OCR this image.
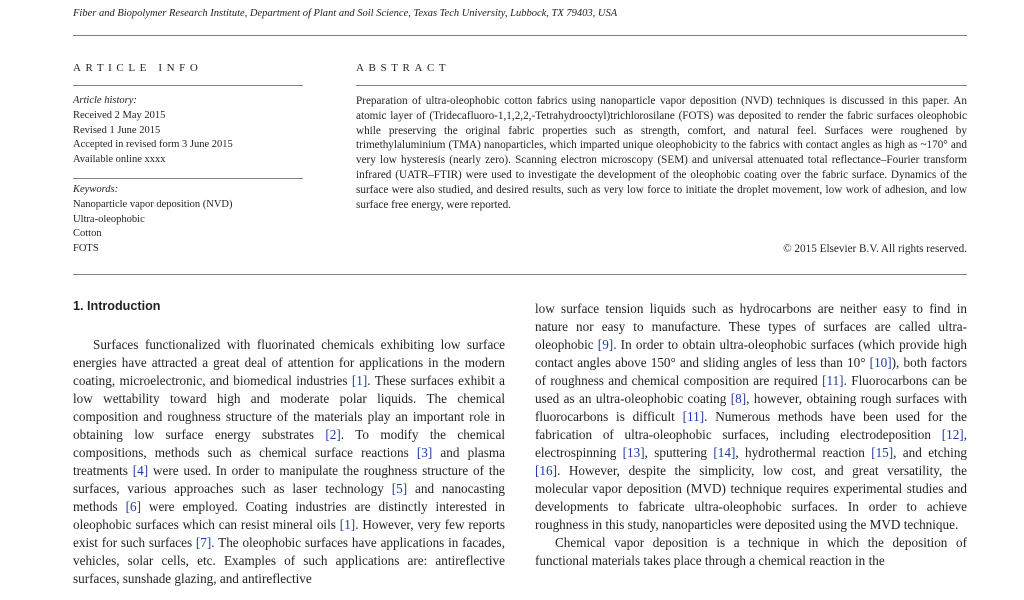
Fiber and Biopolymer Research Institute, Department of Plant and Soil Science, Texas Tech University, Lubbock, TX 79403, USA
ARTICLE INFO	ABSTRACT

Article history:

Received 2 May 2015

Revised 1 June 2015

Accepted in revised form 3 June 2015

Available online xxxx

Keywords:

Nanoparticle vapor deposition (NVD)

Ultra-oleophobic

Cotton

FOTS

Preparation of ultra-oleophobic cotton fabrics using nanoparticle vapor deposition (NVD) techniques is discussed in this paper. An atomic layer of (Tridecafluoro-1,1,2,2,-Tetrahydrooctyl)trichlorosilane (FOTS) was deposited to render the fabric surfaces oleophobic while preserving the original fabric properties such as strength, comfort, and natural feel. Surfaces were roughened by trimethylaluminium (TMA) nanoparticles, which imparted unique oleophobicity to the fabrics with contact angles as high as ~170° and very low hysteresis (nearly zero). Scanning electron microscopy (SEM) and universal attenuated total reflectance–Fourier transform infrared (UATR–FTIR) were used to investigate the development of the oleophobic coating over the fabric surface. Dynamics of the surface were also studied, and desired results, such as very low force to initiate the droplet movement, low work of adhesion, and low surface free energy, were reported.

© 2015 Elsevier B.V. All rights reserved.
1. Introduction

Surfaces functionalized with fluorinated chemicals exhibiting low surface energies have attracted a great deal of attention for applications in the modern coating, microelectronic, and biomedical industries [1]. These surfaces exhibit a low wettability toward high and moderate polar liquids. The chemical composition and roughness structure of the materials play an important role in obtaining low surface energy substrates [2]. To modify the chemical compositions, methods such as chemical surface reactions [3] and plasma treatments [4] were used. In order to manipulate the roughness structure of the surfaces, various approaches such as laser technology [5] and nanocasting methods [6] were employed. Coating industries are distinctly interested in oleophobic surfaces which can resist mineral oils [1]. However, very few reports exist for such surfaces [7]. The oleophobic surfaces have applications in facades, vehicles, solar cells, etc. Examples of such applications are: antireflective surfaces, sunshade glazing, and antireflective

low surface tension liquids such as hydrocarbons are neither easy to find in nature nor easy to manufacture. These types of surfaces are called ultra-oleophobic [9]. In order to obtain ultra-oleophobic surfaces (which provide high contact angles above 150° and sliding angles of less than 10° [10]), both factors of roughness and chemical composition are required [11]. Fluorocarbons can be used as an ultra-oleophobic coating [8], however, obtaining rough surfaces with fluorocarbons is difficult [11]. Numerous methods have been used for the fabrication of ultra-oleophobic surfaces, including electrodeposition [12], electrospinning [13], sputtering [14], hydrothermal reaction [15], and etching [16]. However, despite the simplicity, low cost, and great versatility, the molecular vapor deposition (MVD) technique requires experimental studies and developments to fabricate ultra-oleophobic surfaces. In order to achieve roughness in this study, nanoparticles were deposited using the MVD technique.

Chemical vapor deposition is a technique in which the deposition of functional materials takes place through a chemical reaction in the
